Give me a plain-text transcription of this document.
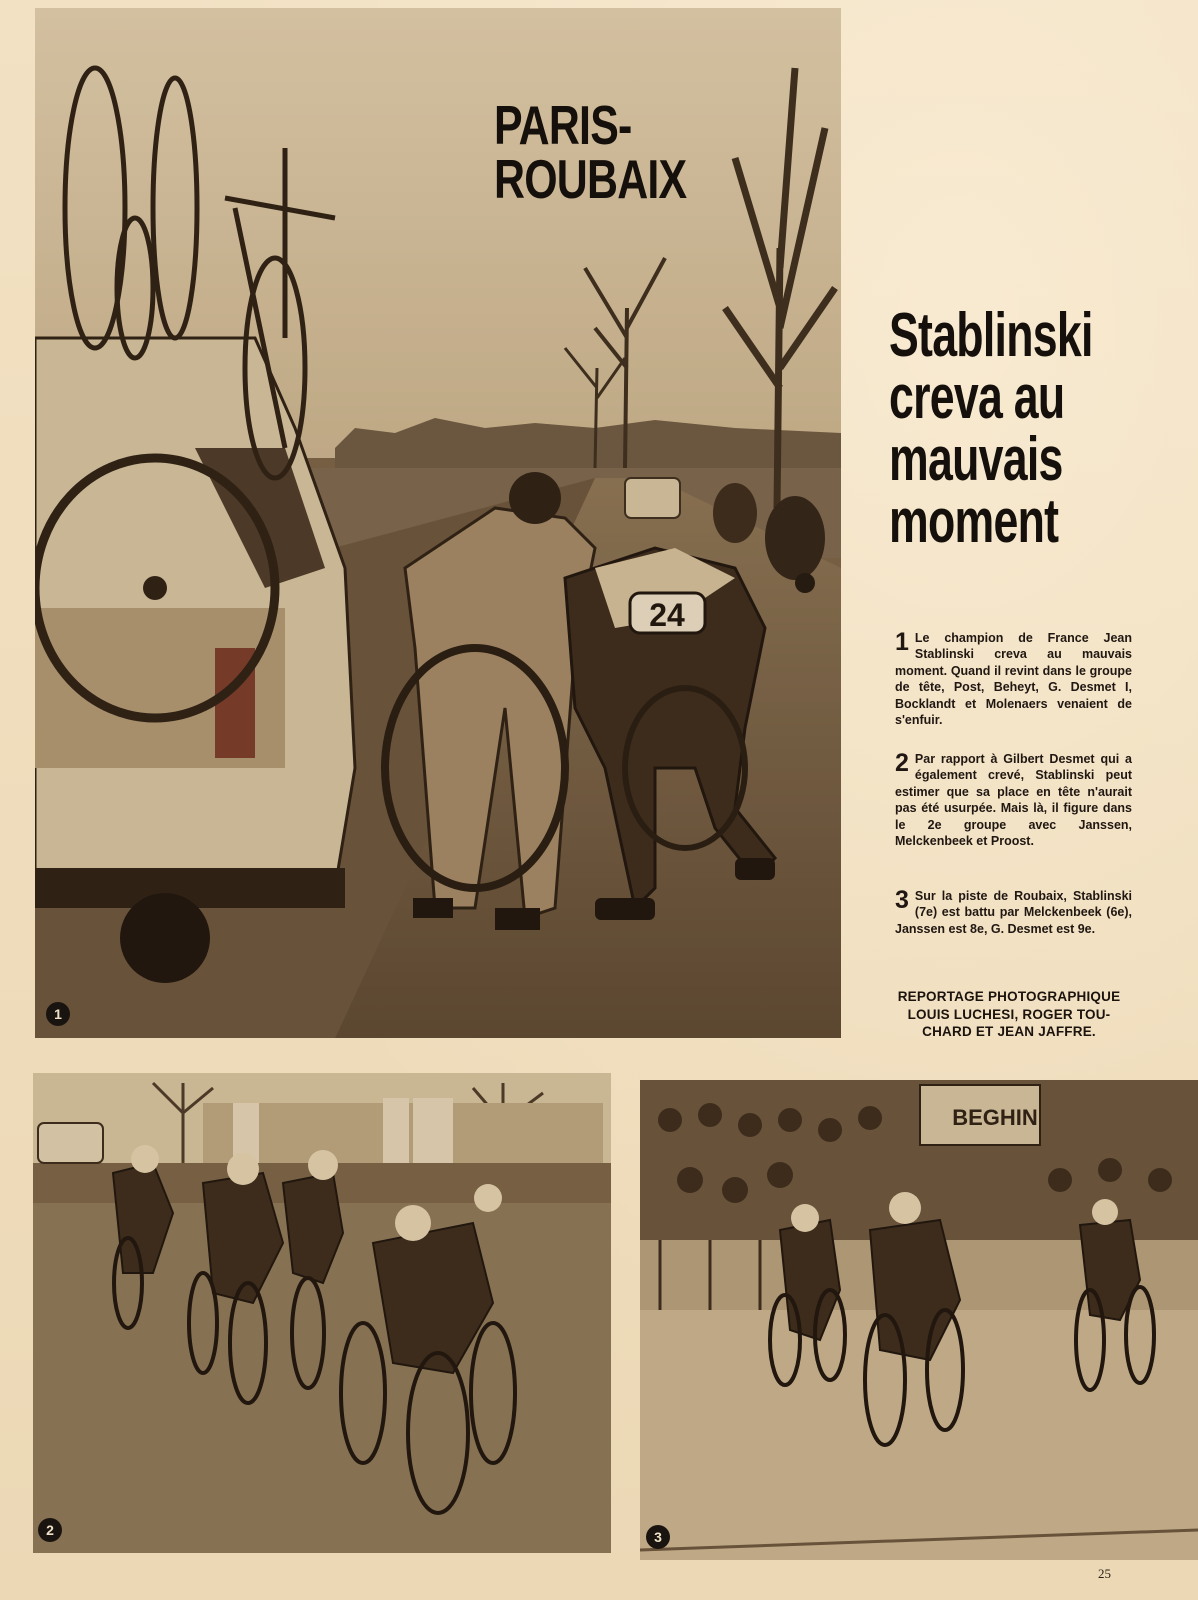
24
1
PARIS-
ROUBAIX
Stablinski
creva au
mauvais
moment
1 Le champion de France Jean Stablinski creva au mauvais moment. Quand il revint dans le groupe de tête, Post, Beheyt, G. Desmet I, Bocklandt et Molenaers venaient de s'enfuir.
2 Par rapport à Gilbert Desmet qui a également crevé, Stablinski peut estimer que sa place en tête n'aurait pas été usurpée. Mais là, il figure dans le 2e groupe avec Janssen, Melckenbeek et Proost.
3 Sur la piste de Roubaix, Stablinski (7e) est battu par Melckenbeek (6e), Janssen est 8e, G. Desmet est 9e.
REPORTAGE PHOTOGRAPHIQUE
LOUIS LUCHESI, ROGER TOU-
CHARD ET JEAN JAFFRE.
2
BEGHIN
3
25
